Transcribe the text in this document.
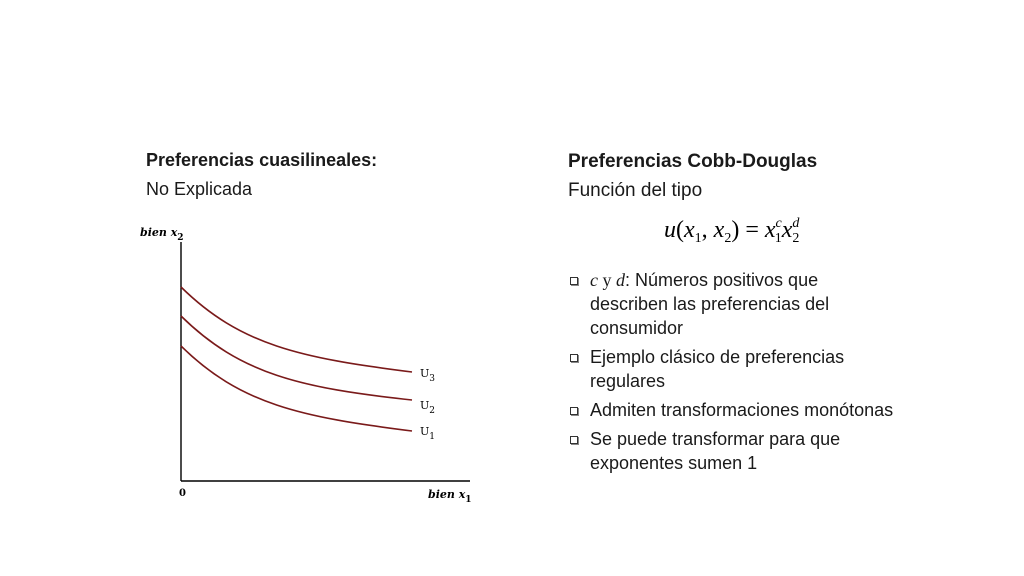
Preferencias cuasilineales:
No Explicada
bien $x_2$
0	bien $x_1$
$U_3$
$U_2$
$U_1$
Preferencias Cobb-Douglas
Función del tipo
$u(x_1$, $x_2) = x^c_1x^d_2$
c y d: Números positivos que describen las preferencias del consumidor
Ejemplo clásico de preferencias regulares
Admiten transformaciones monótonas
Se puede transformar para que exponentes sumen 1
